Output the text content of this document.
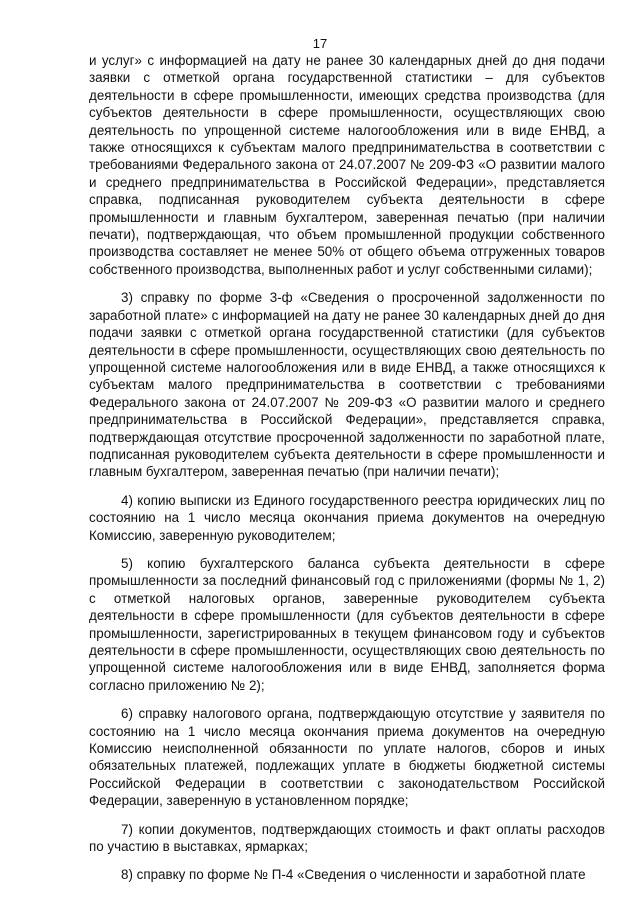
17

и услуг» с информацией на дату не ранее 30 календарных дней до дня подачи заявки с отметкой органа государственной статистики – для субъектов деятельности в сфере промышленности, имеющих средства производства (для субъектов деятельности в сфере промышленности, осуществляющих свою деятельность по упрощенной системе налогообложения или в виде ЕНВД, а также относящихся к субъектам малого предпринимательства в соответствии с требованиями Федерального закона от 24.07.2007 № 209-ФЗ «О развитии малого и среднего предпринимательства в Российской Федерации», представляется справка, подписанная руководителем субъекта деятельности в сфере промышленности и главным бухгалтером, заверенная печатью (при наличии печати), подтверждающая, что объем промышленной продукции собственного производства составляет не менее 50% от общего объема отгруженных товаров собственного производства, выполненных работ и услуг собственными силами);

3) справку по форме 3-ф «Сведения о просроченной задолженности по заработной плате» с информацией на дату не ранее 30 календарных дней до дня подачи заявки с отметкой органа государственной статистики (для субъектов деятельности в сфере промышленности, осуществляющих свою деятельность по упрощенной системе налогообложения или в виде ЕНВД, а также относящихся к субъектам малого предпринимательства в соответствии с требованиями Федерального закона от 24.07.2007 № 209-ФЗ «О развитии малого и среднего предпринимательства в Российской Федерации», представляется справка, подтверждающая отсутствие просроченной задолженности по заработной плате, подписанная руководителем субъекта деятельности в сфере промышленности и главным бухгалтером, заверенная печатью (при наличии печати);

4) копию выписки из Единого государственного реестра юридических лиц по состоянию на 1 число месяца окончания приема документов на очередную Комиссию, заверенную руководителем;

5) копию бухгалтерского баланса субъекта деятельности в сфере промышленности за последний финансовый год с приложениями (формы № 1, 2) с отметкой налоговых органов, заверенные руководителем субъекта деятельности в сфере промышленности (для субъектов деятельности в сфере промышленности, зарегистрированных в текущем финансовом году и субъектов деятельности в сфере промышленности, осуществляющих свою деятельность по упрощенной системе налогообложения или в виде ЕНВД, заполняется форма согласно приложению № 2);

6) справку налогового органа, подтверждающую отсутствие у заявителя по состоянию на 1 число месяца окончания приема документов на очередную Комиссию неисполненной обязанности по уплате налогов, сборов и иных обязательных платежей, подлежащих уплате в бюджеты бюджетной системы Российской Федерации в соответствии с законодательством Российской Федерации, заверенную в установленном порядке;

7) копии документов, подтверждающих стоимость и факт оплаты расходов по участию в выставках, ярмарках;

8) справку по форме № П-4 «Сведения о численности и заработной плате
